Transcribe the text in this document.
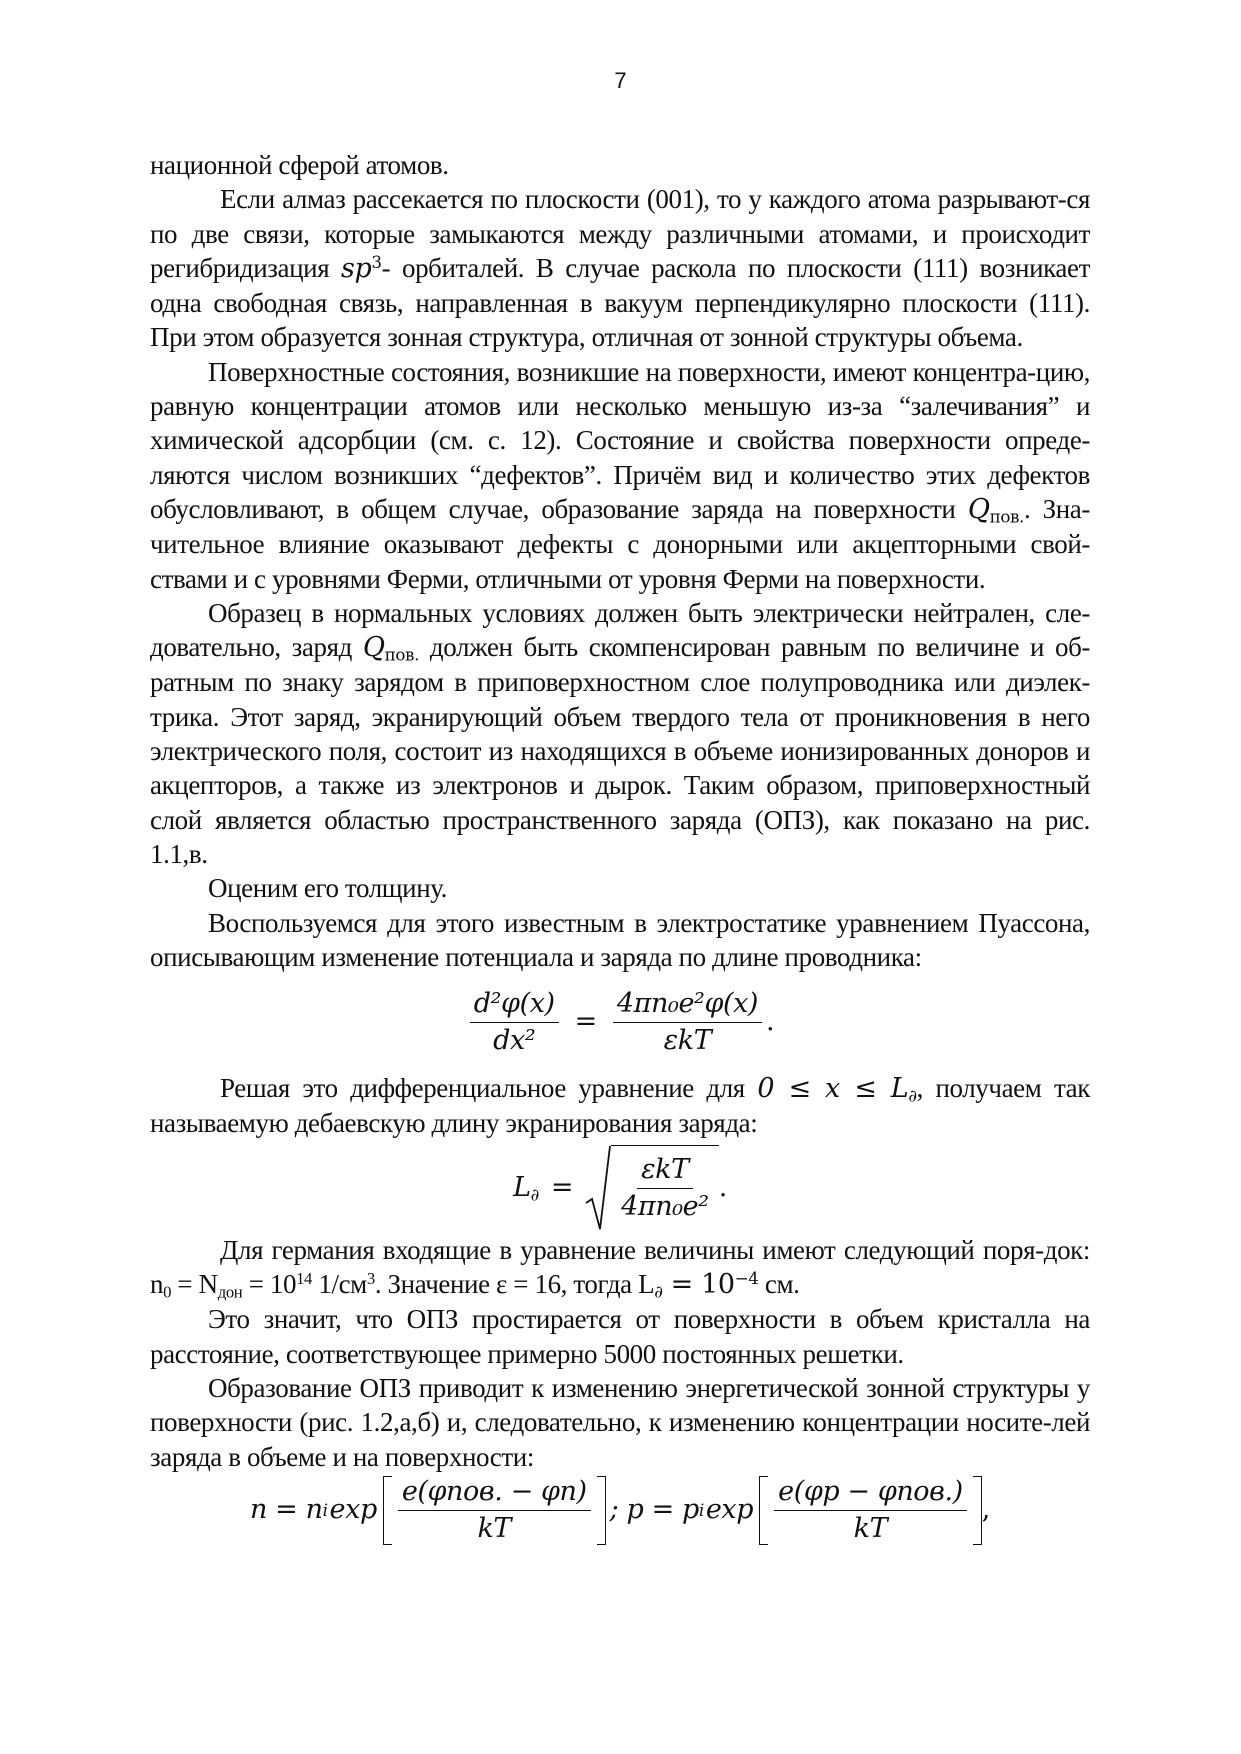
7

национной сферой атомов.

Если алмаз рассекается по плоскости (001), то у каждого атома разрывают-ся по две связи, которые замыкаются между различными атомами, и происходит регибридизация $sp^3-$ орбиталей. В случае раскола по плоскости (111) возникает одна свободная связь, направленная в вакуум перпендикулярно плоскости (111). При этом образуется зонная структура, отличная от зонной структуры объема.

Поверхностные состояния, возникшие на поверхности, имеют концентра-цию, равную концентрации атомов или несколько меньшую из-за “залечивания” и химической адсорбции (см. с. 12). Состояние и свойства поверхности опреде-ляются числом возникших “дефектов”. Причём вид и количество этих дефектов обусловливают, в общем случае, образование заряда на поверхности $Q_{пов.}$. Зна-чительное влияние оказывают дефекты с донорными или акцепторными свой-ствами и с уровнями Ферми, отличными от уровня Ферми на поверхности.

Образец в нормальных условиях должен быть электрически нейтрален, сле-довательно, заряд $Q_{пов.}$ должен быть скомпенсирован равным по величине и об-ратным по знаку зарядом в приповерхностном слое полупроводника или диэлек-трика. Этот заряд, экранирующий объем твердого тела от проникновения в него электрического поля, состоит из находящихся в объеме ионизированных доноров и акцепторов, а также из электронов и дырок. Таким образом, приповерхностный слой является областью пространственного заряда (ОПЗ), как показано на рис. 1.1,в.

Оценим его толщину.

Воспользуемся для этого известным в электростатике уравнением Пуассона, описывающим изменение потенциала и заряда по длине проводника:

$\frac{\text{d²φ(x)}}{\text{dx²}} = \frac{\text{4πn₀e²φ(x)}}{\text{εkT}}$ .

Решая это дифференциальное уравнение для $0 \le x \le L_\partial$, получаем так называемую дебаевскую длину экранирования заряда:

$L_\partial = \frac{\text{εkT}}{\text{4πn₀e²}}$ .

Для германия входящие в уравнение величины имеют следующий поря-док: $n_0 = N_{дон} = 10^{14}$ $1/см^3$. Значение ε = 16, тогда $L_\partial = 10^{-4}$ см.

Это значит, что ОПЗ простирается от поверхности в объем кристалла на расстояние, соответствующее примерно 5000 постоянных решетки.

Образование ОПЗ приводит к изменению энергетической зонной структуры у поверхности (рис. 1.2,а,б) и, следовательно, к изменению концентрации носите-лей заряда в объеме и на поверхности:

n = n i $\exp \frac{\text{e(φпов. − φn)}}{kT}$ ; p = p i $\exp \frac{\text{e(φp − φпов.)}}{kT}$ ,
